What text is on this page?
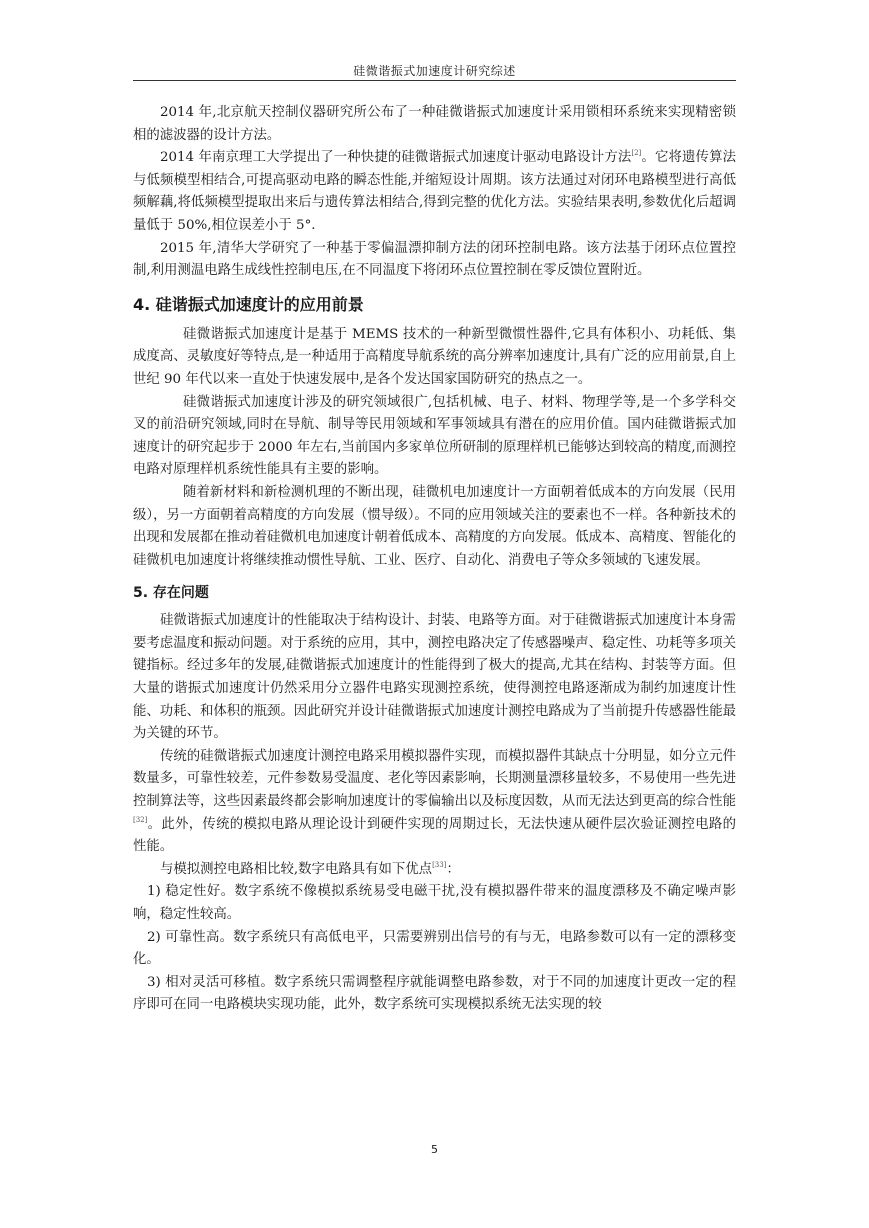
硅微谐振式加速度计研究综述

2014 年,北京航天控制仪器研究所公布了一种硅微谐振式加速度计采用锁相环系统来实现精密锁相的滤波器的设计方法。

2014 年南京理工大学提出了一种快捷的硅微谐振式加速度计驱动电路设计方法[2]。它将遗传算法与低频模型相结合,可提高驱动电路的瞬态性能,并缩短设计周期。该方法通过对闭环电路模型进行高低频解藕,将低频模型提取出来后与遗传算法相结合,得到完整的优化方法。实验结果表明,参数优化后超调量低于 50%,相位误差小于 5°.

2015 年,清华大学研究了一种基于零偏温漂抑制方法的闭环控制电路。该方法基于闭环点位置控制,利用测温电路生成线性控制电压,在不同温度下将闭环点位置控制在零反馈位置附近。

4. 硅谐振式加速度计的应用前景

硅微谐振式加速度计是基于 MEMS 技术的一种新型微惯性器件,它具有体积小、功耗低、集成度高、灵敏度好等特点,是一种适用于高精度导航系统的高分辨率加速度计,具有广泛的应用前景,自上世纪 90 年代以来一直处于快速发展中,是各个发达国家国防研究的热点之一。

硅微谐振式加速度计涉及的研究领域很广,包括机械、电子、材料、物理学等,是一个多学科交叉的前沿研究领域,同时在导航、制导等民用领域和军事领域具有潜在的应用价值。国内硅微谐振式加速度计的研究起步于 2000 年左右,当前国内多家单位所研制的原理样机已能够达到较高的精度,而测控电路对原理样机系统性能具有主要的影响。

随着新材料和新检测机理的不断出现，硅微机电加速度计一方面朝着低成本的方向发展（民用级），另一方面朝着高精度的方向发展（惯导级）。不同的应用领域关注的要素也不一样。各种新技术的出现和发展都在推动着硅微机电加速度计朝着低成本、高精度的方向发展。低成本、高精度、智能化的硅微机电加速度计将继续推动惯性导航、工业、医疗、自动化、消费电子等众多领域的飞速发展。

5. 存在问题

硅微谐振式加速度计的性能取决于结构设计、封装、电路等方面。对于硅微谐振式加速度计本身需要考虑温度和振动问题。对于系统的应用，其中，测控电路决定了传感器噪声、稳定性、功耗等多项关键指标。经过多年的发展,硅微谐振式加速度计的性能得到了极大的提高,尤其在结构、封装等方面。但大量的谐振式加速度计仍然采用分立器件电路实现测控系统，使得测控电路逐渐成为制约加速度计性能、功耗、和体积的瓶颈。因此研究并设计硅微谐振式加速度计测控电路成为了当前提升传感器性能最为关键的环节。

传统的硅微谐振式加速度计测控电路采用模拟器件实现，而模拟器件其缺点十分明显，如分立元件数量多，可靠性较差，元件参数易受温度、老化等因素影响，长期测量漂移量较多，不易使用一些先进控制算法等，这些因素最终都会影响加速度计的零偏输出以及标度因数，从而无法达到更高的综合性能[32]。此外，传统的模拟电路从理论设计到硬件实现的周期过长，无法快速从硬件层次验证测控电路的性能。

与模拟测控电路相比较,数字电路具有如下优点[33]：

1) 稳定性好。数字系统不像模拟系统易受电磁干扰,没有模拟器件带来的温度漂移及不确定噪声影响，稳定性较高。

2) 可靠性高。数字系统只有高低电平，只需要辨别出信号的有与无，电路参数可以有一定的漂移变化。

3) 相对灵活可移植。数字系统只需调整程序就能调整电路参数，对于不同的加速度计更改一定的程序即可在同一电路模块实现功能，此外，数字系统可实现模拟系统无法实现的较

5
